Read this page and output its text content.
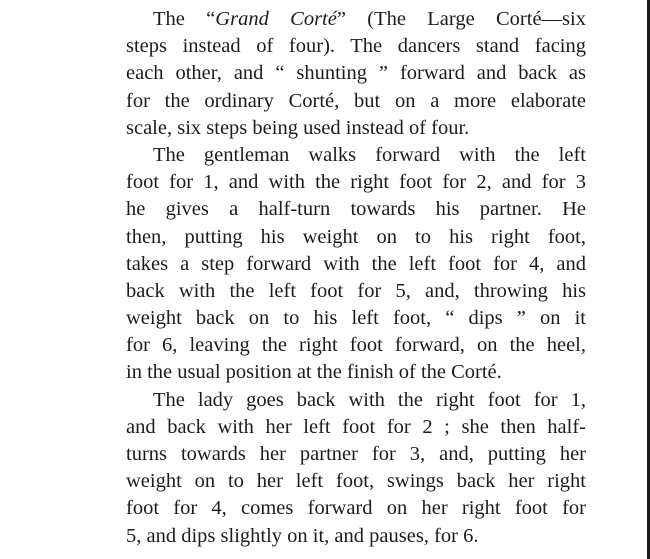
The “Grand Corté” (The Large Corté—six
steps instead of four). The dancers stand facing
each other, and “ shunting ” forward and back as
for the ordinary Corté, but on a more elaborate
scale, six steps being used instead of four.
The gentleman walks forward with the left
foot for 1, and with the right foot for 2, and for 3
he gives a half-turn towards his partner. He
then, putting his weight on to his right foot,
takes a step forward with the left foot for 4, and
back with the left foot for 5, and, throwing his
weight back on to his left foot, “ dips ” on it
for 6, leaving the right foot forward, on the heel,
in the usual position at the finish of the Corté.
The lady goes back with the right foot for 1,
and back with her left foot for 2 ; she then half-
turns towards her partner for 3, and, putting her
weight on to her left foot, swings back her right
foot for 4, comes forward on her right foot for
5, and dips slightly on it, and pauses, for 6.
